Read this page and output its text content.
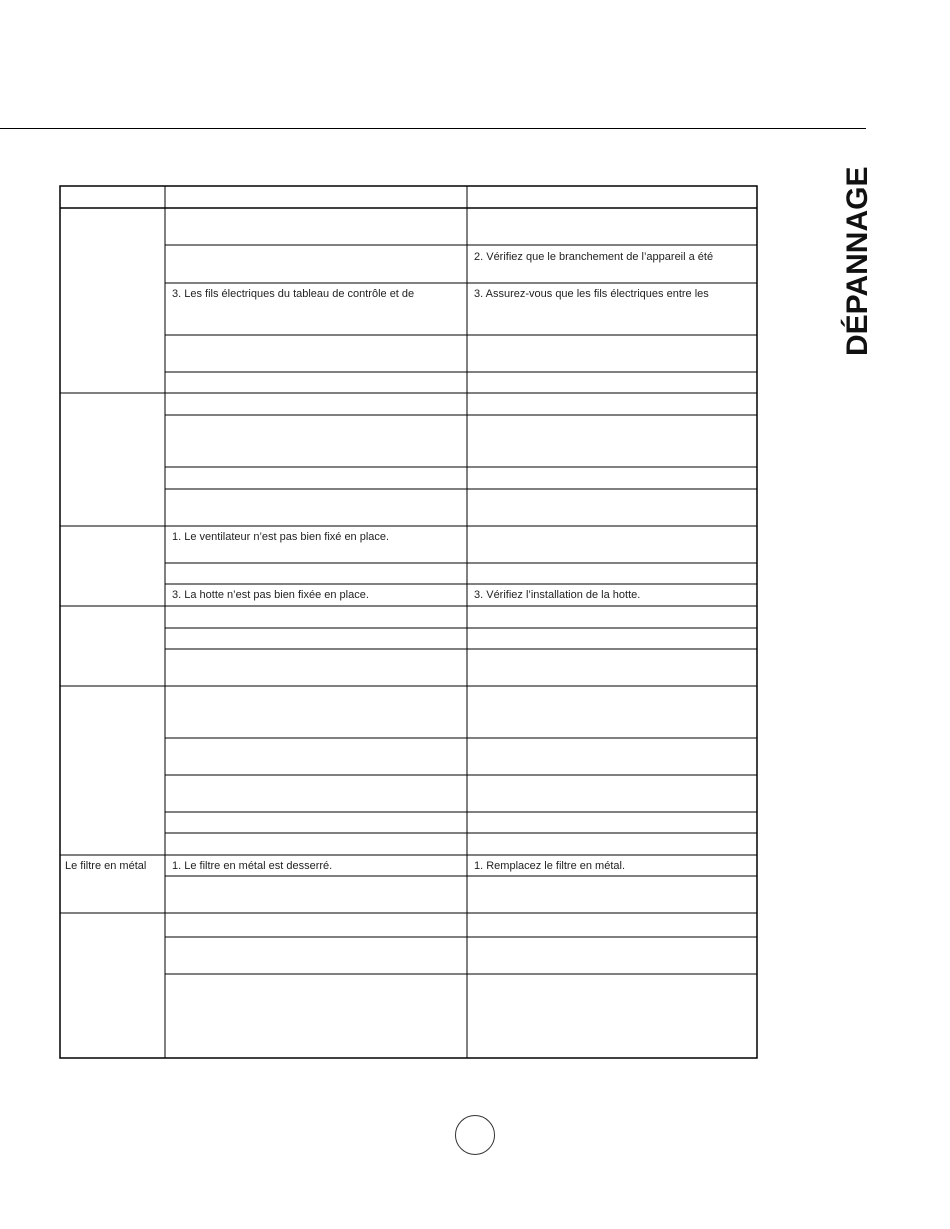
DÉPANNAGE
3. Les fils électriques du tableau de contrôle et de
2. Vérifiez que le branchement de l’appareil a été
3. Assurez-vous que les fils électriques entre les
1. Le ventilateur n’est pas bien fixé en place.
3. La hotte n’est pas bien fixée en place.	3. Vérifiez l’installation de la hotte.
Le filtre en métal 1. Le filtre en métal est desserré.	1. Remplacez le filtre en métal.
